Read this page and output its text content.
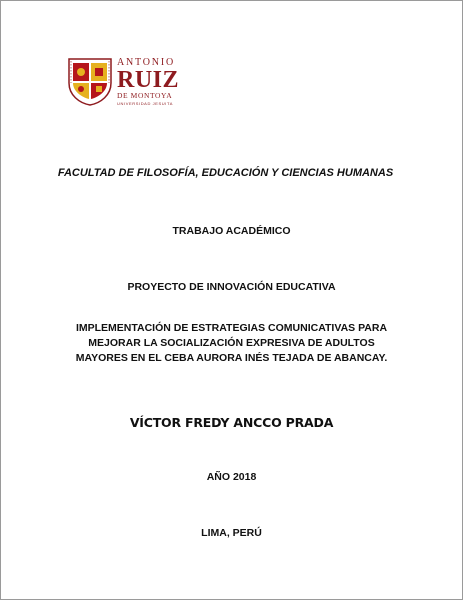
ANTONIO
RUIZ
DE MONTOYA
UNIVERSIDAD JESUITA
FACULTAD DE FILOSOFÍA, EDUCACIÓN Y CIENCIAS HUMANAS
TRABAJO ACADÉMICO
PROYECTO DE INNOVACIÓN EDUCATIVA
IMPLEMENTACIÓN DE ESTRATEGIAS COMUNICATIVAS PARA
MEJORAR LA SOCIALIZACIÓN EXPRESIVA DE ADULTOS
MAYORES EN EL CEBA AURORA INÉS TEJADA DE ABANCAY.
VÍCTOR FREDY ANCCO PRADA
AÑO 2018
LIMA, PERÚ
